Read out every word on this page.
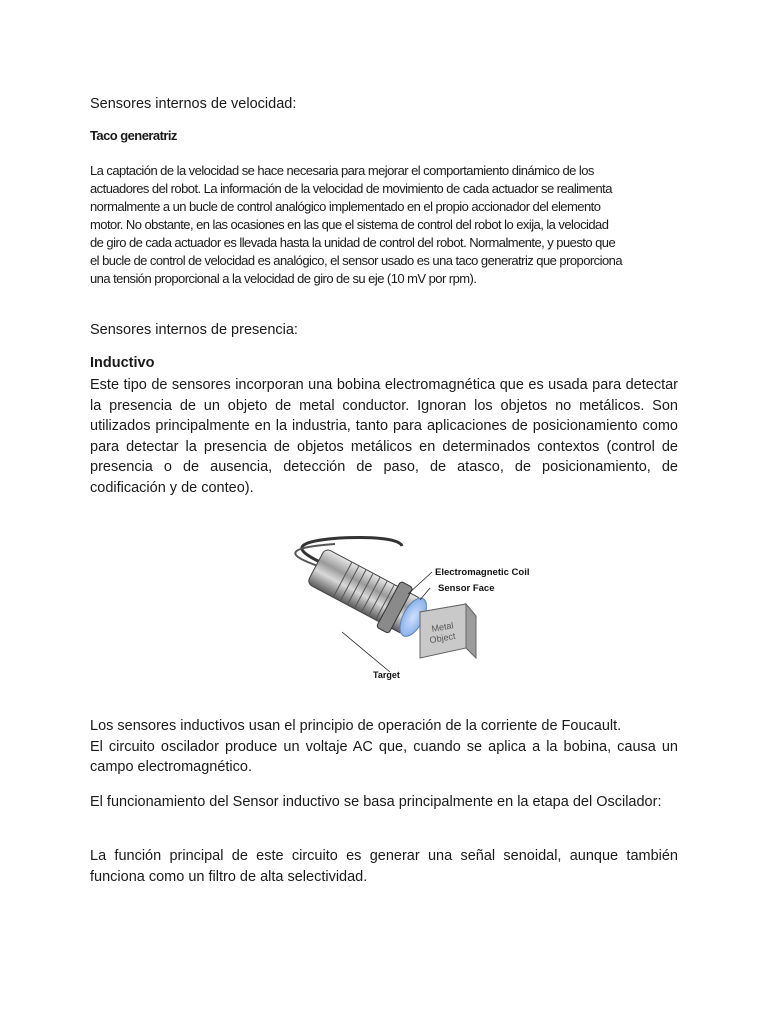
Sensores internos de velocidad:

Taco generatriz

La captación de la velocidad se hace necesaria para mejorar el comportamiento dinámico de los
actuadores del robot. La información de la velocidad de movimiento de cada actuador se realimenta
normalmente a un bucle de control analógico implementado en el propio accionador del elemento
motor. No obstante, en las ocasiones en las que el sistema de control del robot lo exija, la velocidad
de giro de cada actuador es llevada hasta la unidad de control del robot. Normalmente, y puesto que
el bucle de control de velocidad es analógico, el sensor usado es una taco generatriz que proporciona
una tensión proporcional a la velocidad de giro de su eje (10 mV por rpm).

Sensores internos de presencia:

Inductivo

Este tipo de sensores incorporan una bobina electromagnética que es usada para detectar la presencia de un objeto de metal conductor. Ignoran los objetos no metálicos. Son utilizados principalmente en la industria, tanto para aplicaciones de posicionamiento como para detectar la presencia de objetos metálicos en determinados contextos (control de presencia o de ausencia, detección de paso, de atasco, de posicionamiento, de codificación y de conteo).

Los sensores inductivos usan el principio de operación de la corriente de Foucault.

El circuito oscilador produce un voltaje AC que, cuando se aplica a la bobina, causa un campo electromagnético.

El funcionamiento del Sensor inductivo se basa principalmente en la etapa del Oscilador:

La función principal de este circuito es generar una señal senoidal, aunque también funciona como un filtro de alta selectividad.

Metal
Object
Electromagnetic Coil
Sensor Face
Target
